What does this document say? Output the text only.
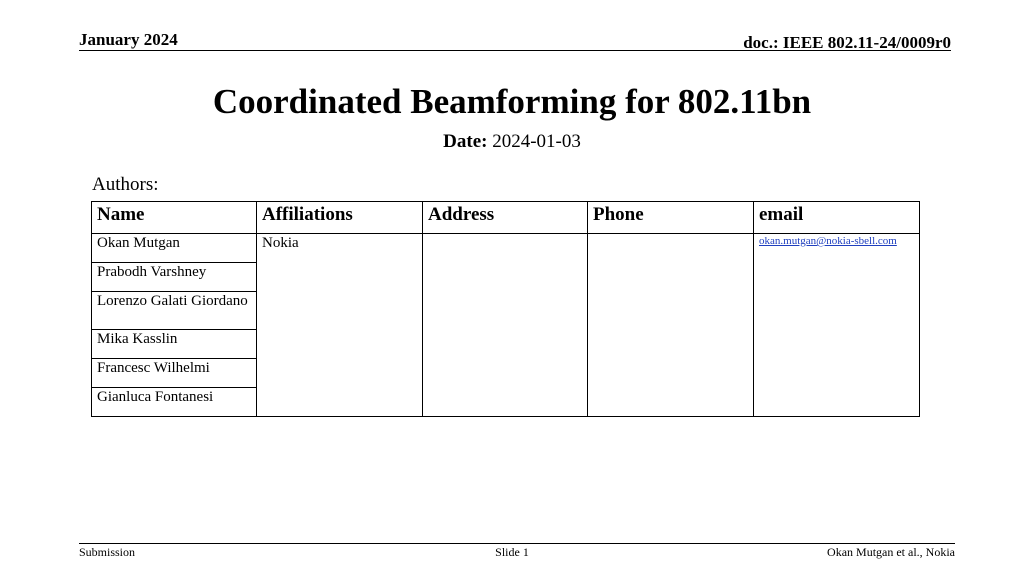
January 2024	doc.: IEEE 802.11-24/0009r0
Coordinated Beamforming for 802.11bn
Date: 2024-01-03
Authors:
Name	Affiliations	Address	Phone	email
Okan Mutgan	Nokia			okan.mutgan@nokia-sbell.com

Prabodh Varshney				
Lorenzo Galati Giordano				
Mika Kasslin				
Francesc Wilhelmi				
Gianluca Fontanesi				
Submission	Slide 1	Okan Mutgan et al., Nokia
